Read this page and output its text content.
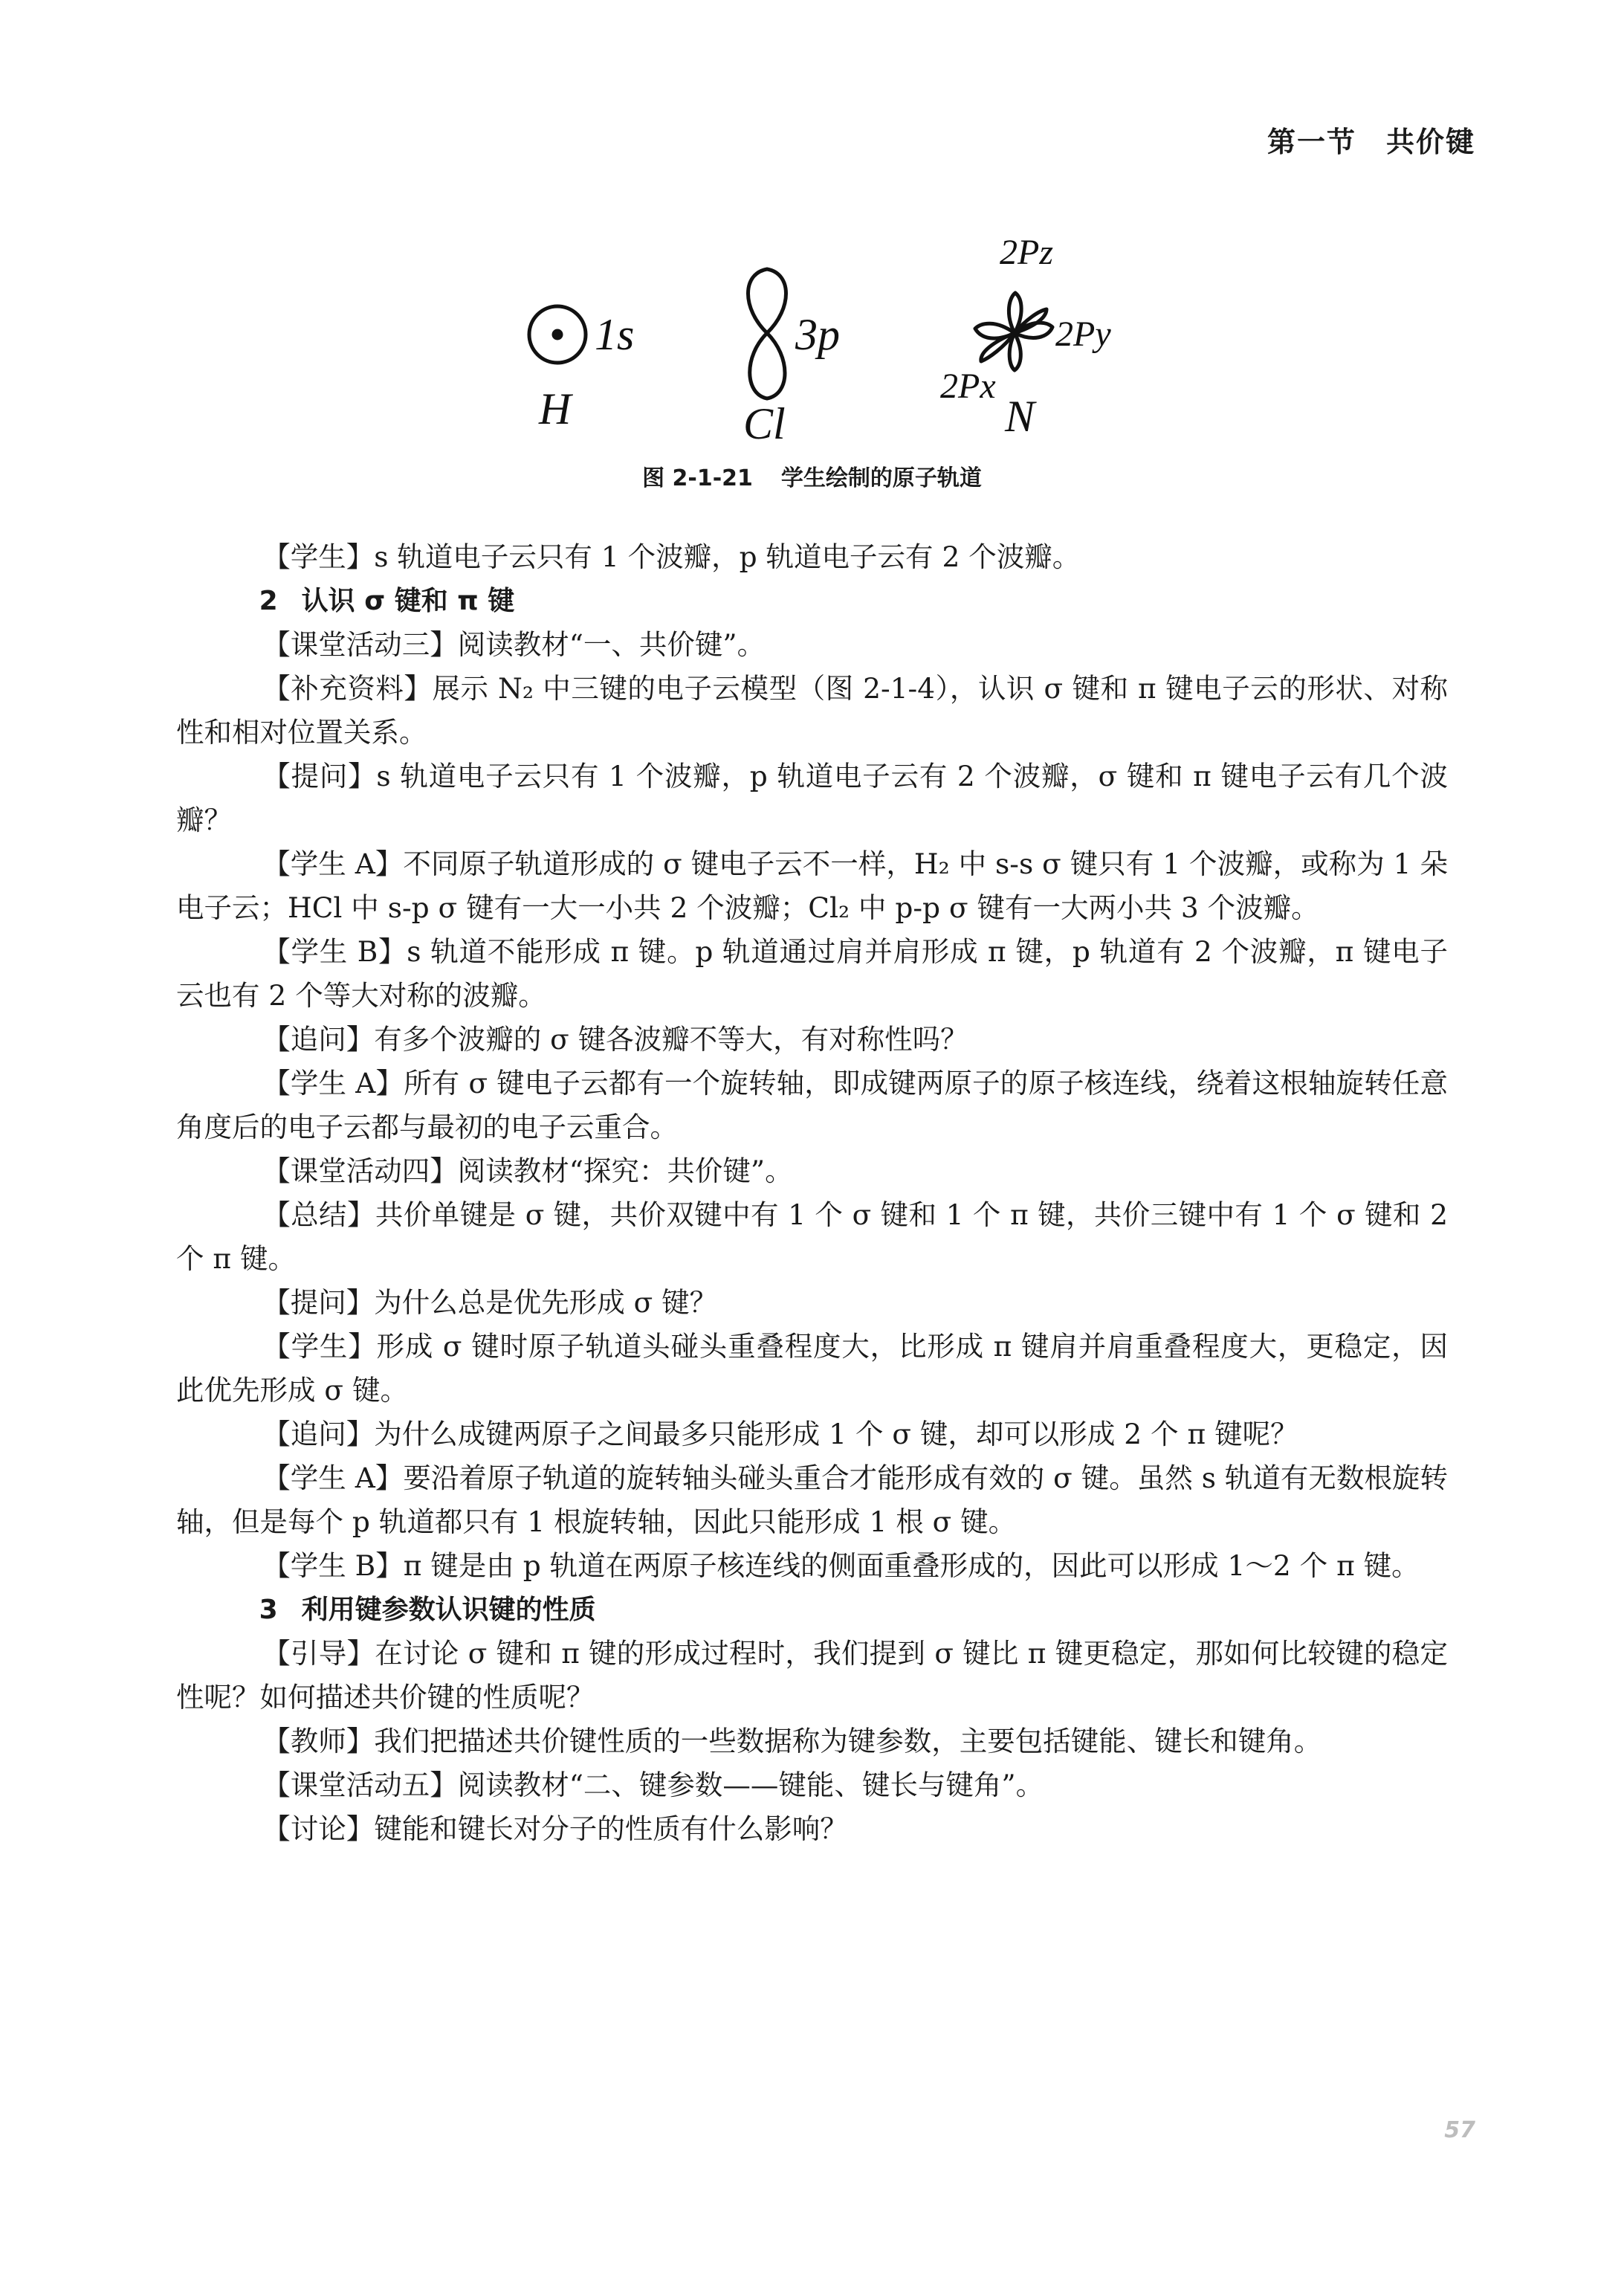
第一节 共价键
1s
H
3p
Cl
2Pz
2Py
2Px
N
图 2-1-21 学生绘制的原子轨道

【学生】s 轨道电子云只有 1 个波瓣，p 轨道电子云有 2 个波瓣。

2 认识 σ 键和 π 键

【课堂活动三】阅读教材“一、共价键”。

【补充资料】展示 N₂ 中三键的电子云模型（图 2-1-4），认识 σ 键和 π 键电子云的形状、对称性和相对位置关系。

【提问】s 轨道电子云只有 1 个波瓣，p 轨道电子云有 2 个波瓣，σ 键和 π 键电子云有几个波瓣？

【学生 A】不同原子轨道形成的 σ 键电子云不一样，H₂ 中 s-s σ 键只有 1 个波瓣，或称为 1 朵电子云；HCl 中 s-p σ 键有一大一小共 2 个波瓣；Cl₂ 中 p-p σ 键有一大两小共 3 个波瓣。

【学生 B】s 轨道不能形成 π 键。p 轨道通过肩并肩形成 π 键，p 轨道有 2 个波瓣，π 键电子云也有 2 个等大对称的波瓣。

【追问】有多个波瓣的 σ 键各波瓣不等大，有对称性吗？

【学生 A】所有 σ 键电子云都有一个旋转轴，即成键两原子的原子核连线，绕着这根轴旋转任意角度后的电子云都与最初的电子云重合。

【课堂活动四】阅读教材“探究：共价键”。

【总结】共价单键是 σ 键，共价双键中有 1 个 σ 键和 1 个 π 键，共价三键中有 1 个 σ 键和 2 个 π 键。

【提问】为什么总是优先形成 σ 键？

【学生】形成 σ 键时原子轨道头碰头重叠程度大，比形成 π 键肩并肩重叠程度大，更稳定，因此优先形成 σ 键。

【追问】为什么成键两原子之间最多只能形成 1 个 σ 键，却可以形成 2 个 π 键呢？

【学生 A】要沿着原子轨道的旋转轴头碰头重合才能形成有效的 σ 键。虽然 s 轨道有无数根旋转轴，但是每个 p 轨道都只有 1 根旋转轴，因此只能形成 1 根 σ 键。

【学生 B】π 键是由 p 轨道在两原子核连线的侧面重叠形成的，因此可以形成 1～2 个 π 键。

3 利用键参数认识键的性质

【引导】在讨论 σ 键和 π 键的形成过程时，我们提到 σ 键比 π 键更稳定，那如何比较键的稳定性呢？如何描述共价键的性质呢？

【教师】我们把描述共价键性质的一些数据称为键参数，主要包括键能、键长和键角。

【课堂活动五】阅读教材“二、键参数——键能、键长与键角”。

【讨论】键能和键长对分子的性质有什么影响？

57
